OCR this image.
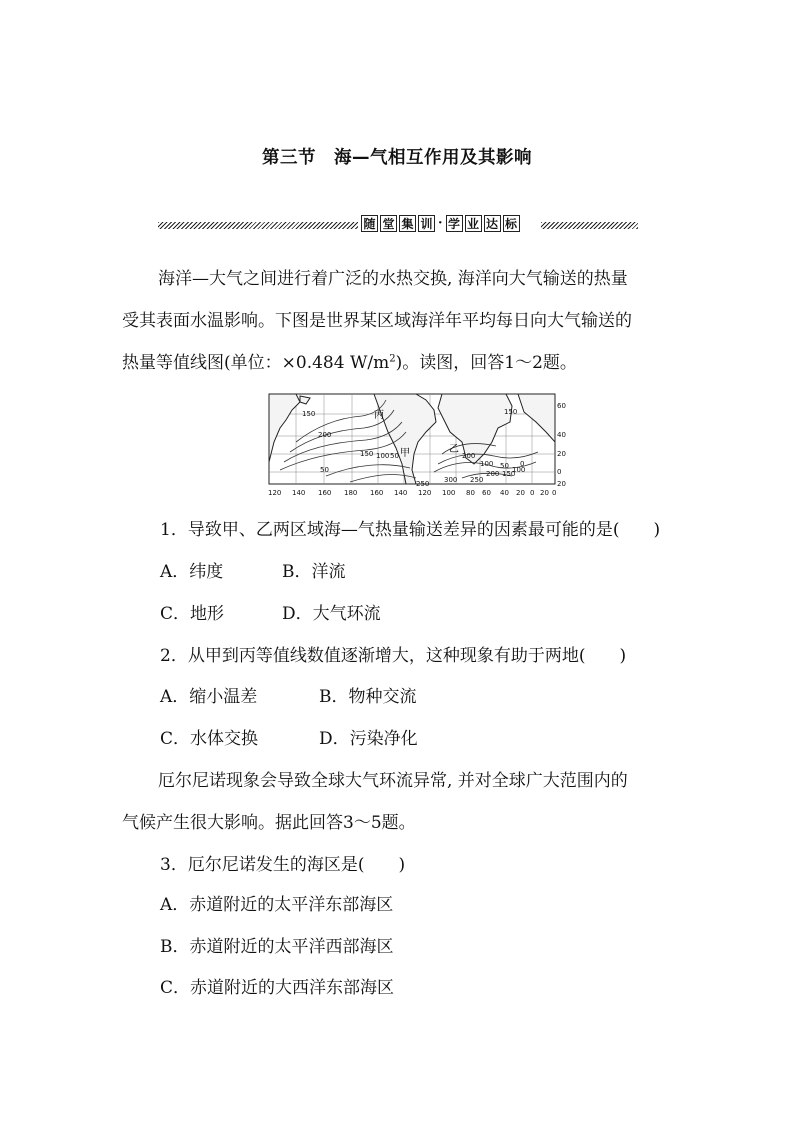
第三节　海—气相互作用及其影响
随 堂 集 训 · 学 业 达 标
海洋—大气之间进行着广泛的水热交换, 海洋向大气输送的热量
受其表面水温影响。下图是世界某区域海洋年平均每日向大气输送的
热量等值线图(单位：×0.484 $W/m^2$)。读图，回答1～2题。
150
200
150 100 50
150
200
100 50 0
250 300 250
200 150
100
50
丙
甲	乙
60
40
20
0
20
120 140 160 180 160 140 120 100 80 60 40 20 0 20 0
1．导致甲、乙两区域海—气热量输送差异的因素最可能的是(　　)
A．纬度	B．洋流
C．地形	D．大气环流
2．从甲到丙等值线数值逐渐增大，这种现象有助于两地(　　)
A．缩小温差	B．物种交流
C．水体交换	D．污染净化
厄尔尼诺现象会导致全球大气环流异常, 并对全球广大范围内的
气候产生很大影响。据此回答3～5题。
3．厄尔尼诺发生的海区是(　　)
A．赤道附近的太平洋东部海区
B．赤道附近的太平洋西部海区
C．赤道附近的大西洋东部海区
